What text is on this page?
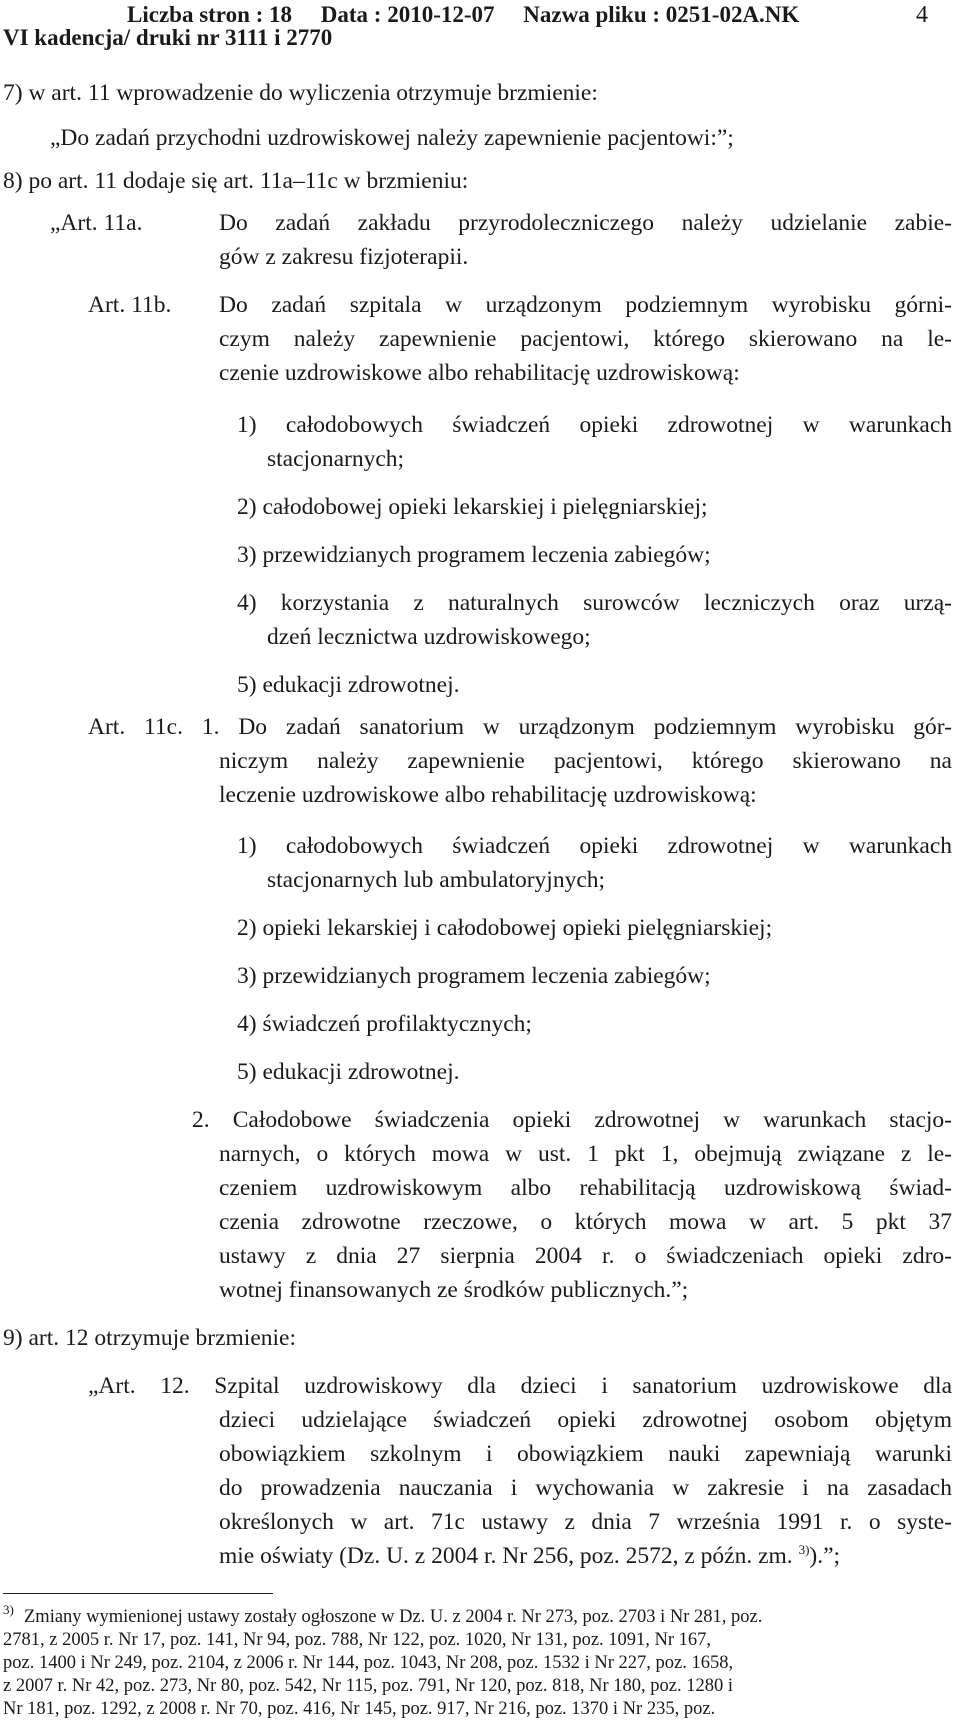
Liczba stron : 18     Data : 2010-12-07     Nazwa pliku : 0251-02A.NK
VI kadencja/ druki nr 3111 i 2770
4
7) w art. 11 wprowadzenie do wyliczenia otrzymuje brzmienie:
„Do zadań przychodni uzdrowiskowej należy zapewnienie pacjentowi:”;
8) po art. 11 dodaje się art. 11a–11c w brzmieniu:
„Art. 11a.	Do zadań zakładu przyrodoleczniczego należy udzielanie zabie-
gów z zakresu fizjoterapii.
Art. 11b. Do zadań szpitala w urządzonym podziemnym wyrobisku górni-
czym należy zapewnienie pacjentowi, którego skierowano na le-
czenie uzdrowiskowe albo rehabilitację uzdrowiskową:
1) całodobowych świadczeń opieki zdrowotnej w warunkach
stacjonarnych;
2) całodobowej opieki lekarskiej i pielęgniarskiej;
3) przewidzianych programem leczenia zabiegów;
4) korzystania z naturalnych surowców leczniczych oraz urzą-
dzeń lecznictwa uzdrowiskowego;
5) edukacji zdrowotnej.
Art. 11c. 1. Do zadań sanatorium w urządzonym podziemnym wyrobisku gór-
niczym należy zapewnienie pacjentowi, którego skierowano na
leczenie uzdrowiskowe albo rehabilitację uzdrowiskową:
1) całodobowych świadczeń opieki zdrowotnej w warunkach
stacjonarnych lub ambulatoryjnych;
2) opieki lekarskiej i całodobowej opieki pielęgniarskiej;
3) przewidzianych programem leczenia zabiegów;
4) świadczeń profilaktycznych;
5) edukacji zdrowotnej.
2. Całodobowe świadczenia opieki zdrowotnej w warunkach stacjo-
narnych, o których mowa w ust. 1 pkt 1, obejmują związane z le-
czeniem uzdrowiskowym albo rehabilitacją uzdrowiskową świad-
czenia zdrowotne rzeczowe, o których mowa w art. 5 pkt 37
ustawy z dnia 27 sierpnia 2004 r. o świadczeniach opieki zdro-
wotnej finansowanych ze środków publicznych.”;
9) art. 12 otrzymuje brzmienie:
„Art. 12. Szpital uzdrowiskowy dla dzieci i sanatorium uzdrowiskowe dla
dzieci udzielające świadczeń opieki zdrowotnej osobom objętym
obowiązkiem szkolnym i obowiązkiem nauki zapewniają warunki
do prowadzenia nauczania i wychowania w zakresie i na zasadach
określonych w art. 71c ustawy z dnia 7 września 1991 r. o syste-
mie oświaty (Dz. U. z 2004 r. Nr 256, poz. 2572, z późn. zm. $^{3)}$).”;
3) Zmiany wymienionej ustawy zostały ogłoszone w Dz. U. z 2004 r. Nr 273, poz. 2703 i Nr 281, poz.
2781, z 2005 r. Nr 17, poz. 141, Nr 94, poz. 788, Nr 122, poz. 1020, Nr 131, poz. 1091, Nr 167,
poz. 1400 i Nr 249, poz. 2104, z 2006 r. Nr 144, poz. 1043, Nr 208, poz. 1532 i Nr 227, poz. 1658,
z 2007 r. Nr 42, poz. 273, Nr 80, poz. 542, Nr 115, poz. 791, Nr 120, poz. 818, Nr 180, poz. 1280 i
Nr 181, poz. 1292, z 2008 r. Nr 70, poz. 416, Nr 145, poz. 917, Nr 216, poz. 1370 i Nr 235, poz.
